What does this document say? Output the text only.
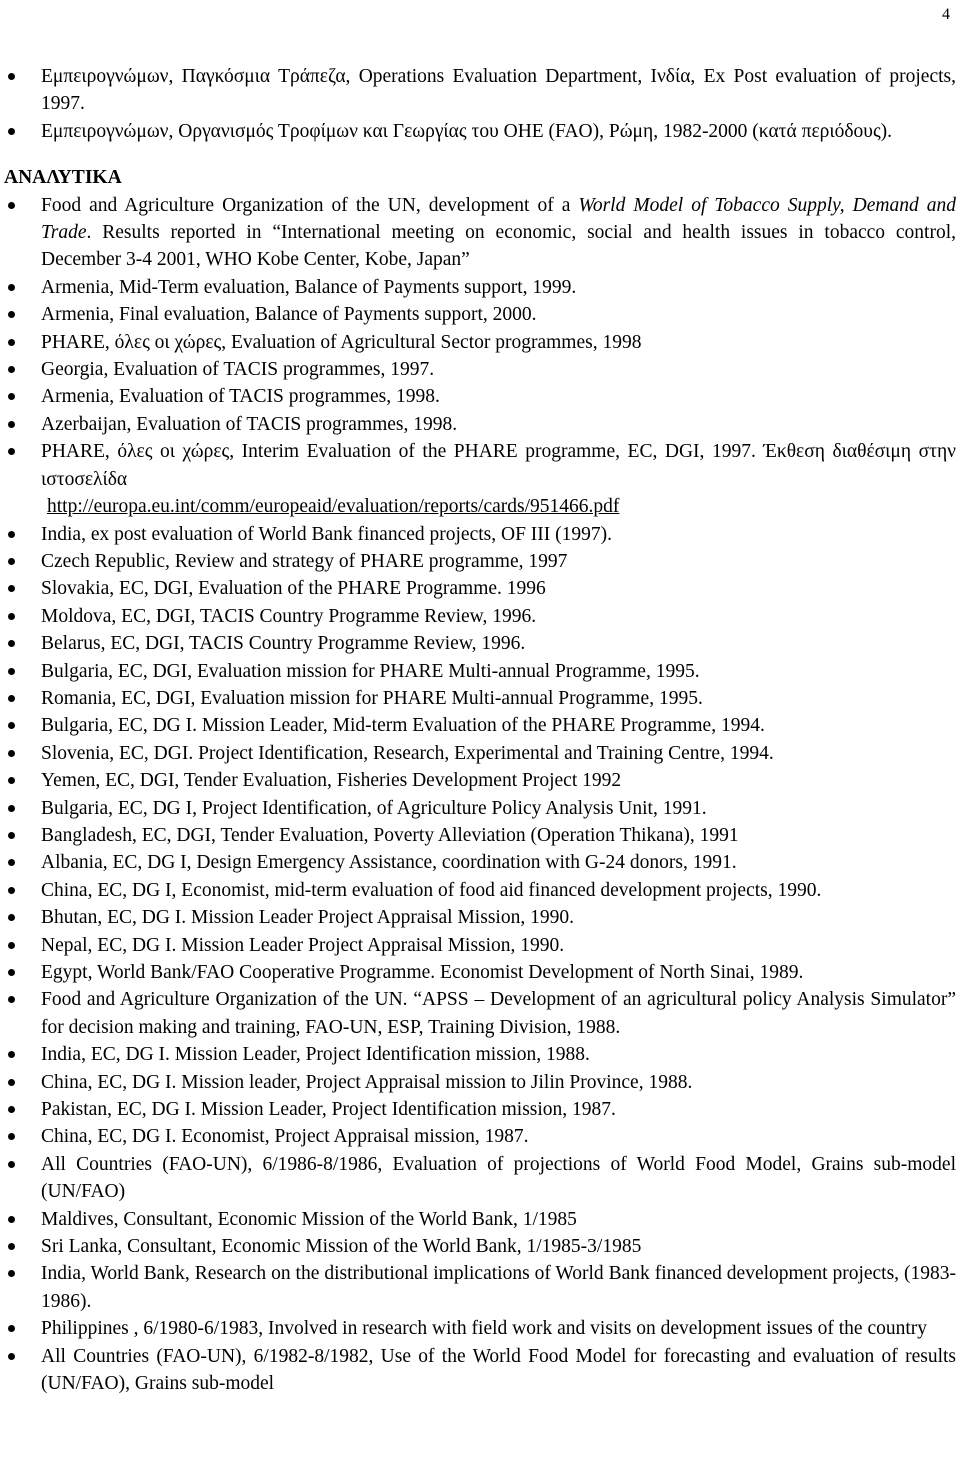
4
Εμπειρογνώμων, Παγκόσμια Τράπεζα, Operations Evaluation Department, Ινδία, Ex Post evaluation of projects, 1997.
Εμπειρογνώμων, Οργανισμός Τροφίμων και Γεωργίας του ΟΗΕ (FAO), Ρώμη, 1982-2000 (κατά περιόδους).
ΑΝΑΛΥΤΙΚΑ
Food and Agriculture Organization of the UN, development of a World Model of Tobacco Supply, Demand and Trade. Results reported in “International meeting on economic, social and health issues in tobacco control, December 3-4 2001, WHO Kobe Center, Kobe, Japan”
Armenia, Mid-Term evaluation, Balance of Payments support, 1999.
Armenia, Final evaluation, Balance of Payments support, 2000.
PHARE, όλες οι χώρες, Evaluation of Agricultural Sector programmes, 1998
Georgia, Evaluation of TACIS programmes, 1997.
Armenia, Evaluation of TACIS programmes, 1998.
Azerbaijan, Evaluation of TACIS programmes, 1998.
PHARE, όλες οι χώρες, Interim Evaluation of the PHARE programme, EC, DGI, 1997. Έκθεση διαθέσιμη στην ιστοσελίδα
http://europa.eu.int/comm/europeaid/evaluation/reports/cards/951466.pdf
India, ex post evaluation of World Bank financed projects, OF III (1997).
Czech Republic, Review and strategy of PHARE programme, 1997
Slovakia, EC, DGI, Evaluation of the PHARE Programme. 1996
Moldova, EC, DGI, TACIS Country Programme Review, 1996.
Belarus, EC, DGI, TACIS Country Programme Review, 1996.
Bulgaria, EC, DGI, Evaluation mission for PHARE Multi-annual Programme, 1995.
Romania, EC, DGI, Evaluation mission for PHARE Multi-annual Programme, 1995.
Bulgaria, EC, DG I. Mission Leader, Mid-term Evaluation of the PHARE Programme, 1994.
Slovenia, EC, DGI. Project Identification, Research, Experimental and Training Centre, 1994.
Yemen, EC, DGI, Tender Evaluation, Fisheries Development Project 1992
Bulgaria, EC, DG I, Project Identification, of Agriculture Policy Analysis Unit, 1991.
Bangladesh, EC, DGI, Tender Evaluation, Poverty Alleviation (Operation Thikana), 1991
Albania, EC, DG I, Design Emergency Assistance, coordination with G-24 donors, 1991.
China, EC, DG I, Economist, mid-term evaluation of food aid financed development projects, 1990.
Bhutan, EC, DG I. Mission Leader Project Appraisal Mission, 1990.
Nepal, EC, DG I. Mission Leader Project Appraisal Mission, 1990.
Egypt, World Bank/FAO Cooperative Programme. Economist Development of North Sinai, 1989.
Food and Agriculture Organization of the UN. “APSS – Development of an agricultural policy Analysis Simulator” for decision making and training, FAO-UN, ESP, Training Division, 1988.
India, EC, DG I. Mission Leader, Project Identification mission, 1988.
China, EC, DG I. Mission leader, Project Appraisal mission to Jilin Province, 1988.
Pakistan, EC, DG I. Mission Leader, Project Identification mission, 1987.
China, EC, DG I. Economist, Project Appraisal mission, 1987.
All Countries (FAO-UN), 6/1986-8/1986, Evaluation of projections of World Food Model, Grains sub-model (UN/FAO)
Maldives, Consultant, Economic Mission of the World Bank, 1/1985
Sri Lanka, Consultant, Economic Mission of the World Bank, 1/1985-3/1985
India, World Bank, Research on the distributional implications of World Bank financed development projects, (1983-1986).
Philippines , 6/1980-6/1983, Involved in research with field work and visits on development issues of the country
All Countries (FAO-UN), 6/1982-8/1982, Use of the World Food Model for forecasting and evaluation of results (UN/FAO), Grains sub-model
